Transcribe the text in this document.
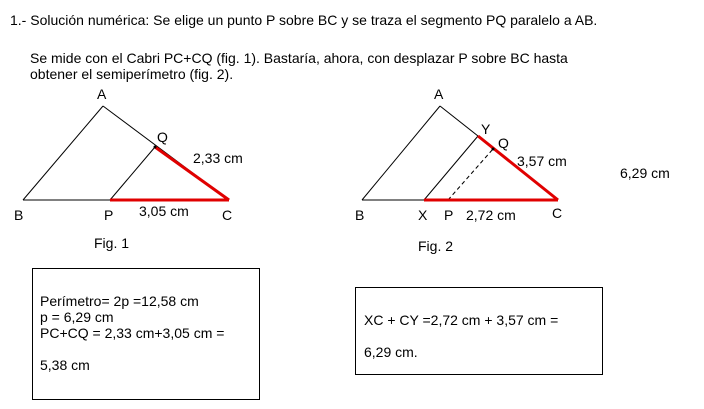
1.- Solución numérica: Se elige un punto P sobre BC y se traza el segmento PQ paralelo a AB.
Se mide con el Cabri PC+CQ (fig. 1). Bastaría, ahora, con desplazar P sobre BC hasta
obtener el semiperímetro (fig. 2).
A
Q
B	P	C
2,33 cm
3,05 cm
Fig. 1
A
Y
Q
B	X P	C
3,57 cm
2,72 cm
6,29 cm
Fig. 2
Perímetro= 2p =12,58 cm
p = 6,29 cm
PC+CQ = 2,33 cm+3,05 cm =
5,38 cm
XC + CY =2,72 cm + 3,57 cm =
6,29 cm.
